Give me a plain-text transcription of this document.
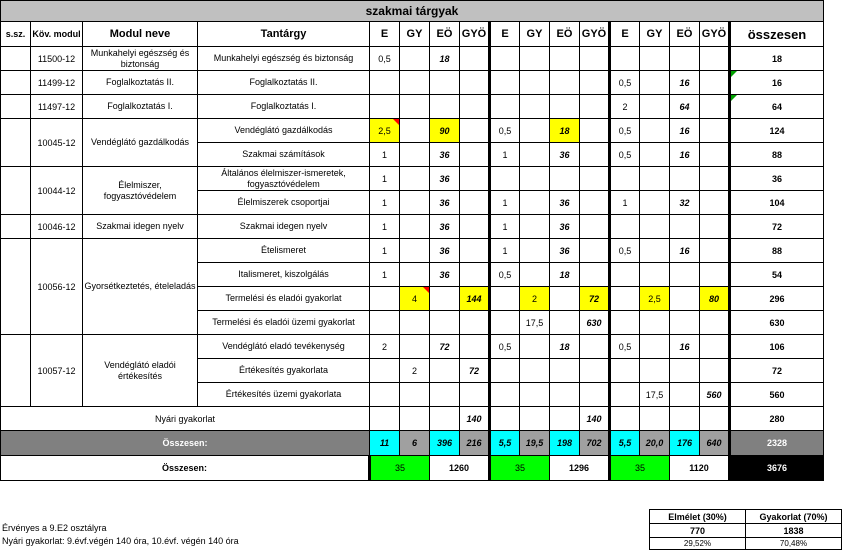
szakmai tárgyak																
s.sz.	Köv. modul	Modul neve	Tantárgy	E	GY	EÖ	GYÖ	E	GY	EÖ	GYÖ	E	GY	EÖ	GYÖ	összesen
	11500-12	Munkahelyi egészség és biztonság	Munkahelyi egészség és biztonság	0,5		18										18
	11499-12	Foglalkoztatás II.	Foglalkoztatás II.									0,5		16		16
	11497-12	Foglalkoztatás I.	Foglalkoztatás I.									2		64		64
	10045-12	Vendéglátó gazdálkodás	Vendéglátó gazdálkodás	2,5		90		0,5		18		0,5		16		124
			Szakmai számítások	1		36		1		36		0,5		16		88
	10044-12	Élelmiszer, fogyasztóvédelem	Általános élelmiszer-ismeretek, fogyasztóvédelem	1		36										36
			Élelmiszerek csoportjai	1		36		1		36		1		32		104
	10046-12	Szakmai idegen nyelv	Szakmai idegen nyelv	1		36		1		36						72
	10056-12	Gyorsétkeztetés, ételeladás	Ételismeret	1		36		1		36		0,5		16		88
			Italismeret, kiszolgálás	1		36		0,5		18						54
			Termelési és eladói gyakorlat		4		144		2		72		2,5		80	296
			Termelési és eladói üzemi gyakorlat						17,5		630					630
	10057-12	Vendéglátó eladói értékesítés	Vendéglátó eladó tevékenység	2		72		0,5		18		0,5		16		106
			Értékesítés gyakorlata		2		72									72
			Értékesítés üzemi gyakorlata										17,5		560	560
Nyári gyakorlat							140				140					280
Összesen:				11	6	396	216	5,5	19,5	198	702	5,5	20,0	176	640	2328
Összesen:				35		1260		35		1296		35		1120		3676
Érvényes a 9.E2 osztályra
Nyári gyakorlat: 9.évf.végén 140 óra, 10.évf. végén 140 óra
Elmélet (30%)	Gyakorlat (70%)
770	1838
29,52%	70,48%
